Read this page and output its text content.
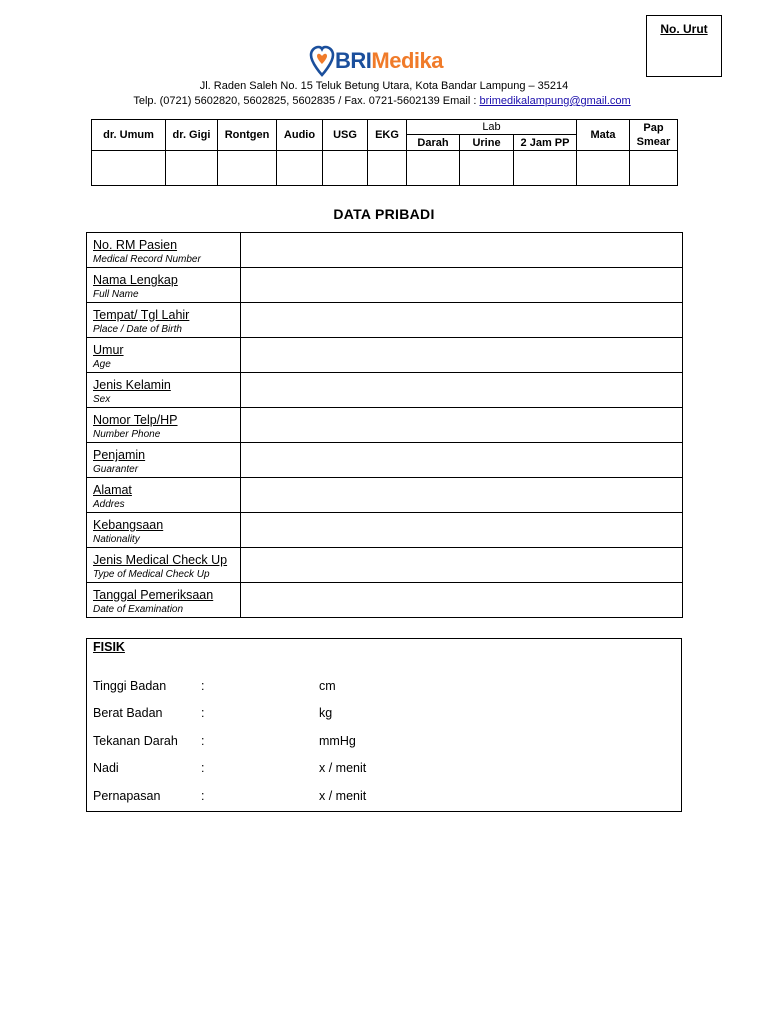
No. Urut
BRI Medika
Jl. Raden Saleh No. 15 Teluk Betung Utara, Kota Bandar Lampung – 35214
Telp. (0721) 5602820, 5602825, 5602835 / Fax. 0721-5602139 Email : brimedikalampung@gmail.com
dr. Umum	dr. Gigi	Rontgen	Audio	USG	EKG	Lab			Mata	Pap Smear
						Darah	Urine	2 Jam PP		

DATA PRIBADI
No. RM Pasien
Medical Record Number	

Nama Lengkap
Full Name	

Tempat/ Tgl Lahir
Place / Date of Birth	

Umur
Age	

Jenis Kelamin
Sex	

Nomor Telp/HP
Number Phone	

Penjamin
Guaranter	

Alamat
Addres	

Kebangsaan
Nationality	

Jenis Medical Check Up
Type of Medical Check Up	

Tanggal Pemeriksaan
Date of Examination	

FISIK
Tinggi Badan	:	cm
Berat Badan	:	kg
Tekanan Darah :	mmHg
Nadi	:	x / menit
Pernapasan	:	x / menit
